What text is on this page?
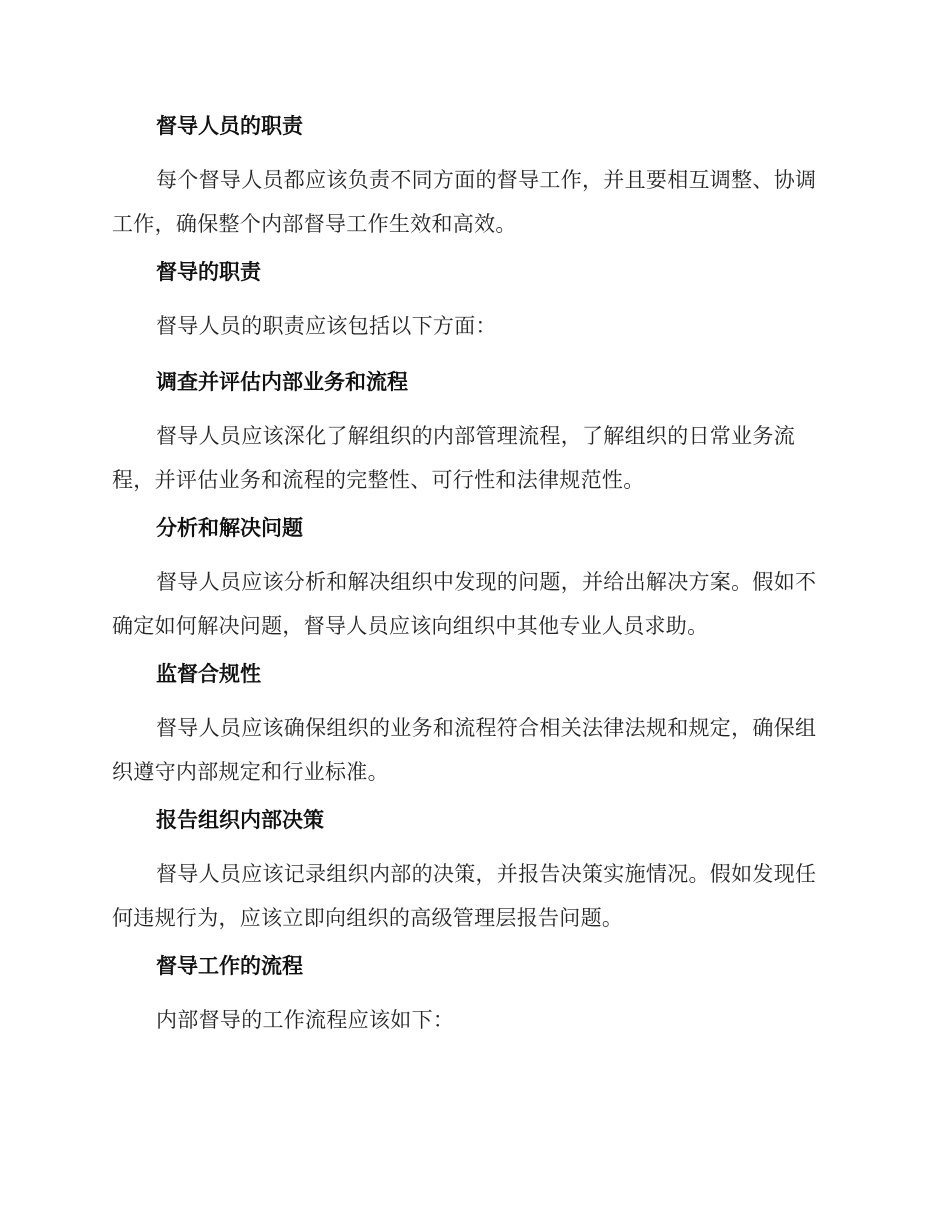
督导人员的职责
每个督导人员都应该负责不同方面的督导工作，并且要相互调整、协调工作，确保整个内部督导工作生效和高效。
督导的职责
督导人员的职责应该包括以下方面：
调查并评估内部业务和流程
督导人员应该深化了解组织的内部管理流程，了解组织的日常业务流程，并评估业务和流程的完整性、可行性和法律规范性。
分析和解决问题
督导人员应该分析和解决组织中发现的问题，并给出解决方案。假如不确定如何解决问题，督导人员应该向组织中其他专业人员求助。
监督合规性
督导人员应该确保组织的业务和流程符合相关法律法规和规定，确保组织遵守内部规定和行业标准。
报告组织内部决策
督导人员应该记录组织内部的决策，并报告决策实施情况。假如发现任何违规行为，应该立即向组织的高级管理层报告问题。
督导工作的流程
内部督导的工作流程应该如下：
